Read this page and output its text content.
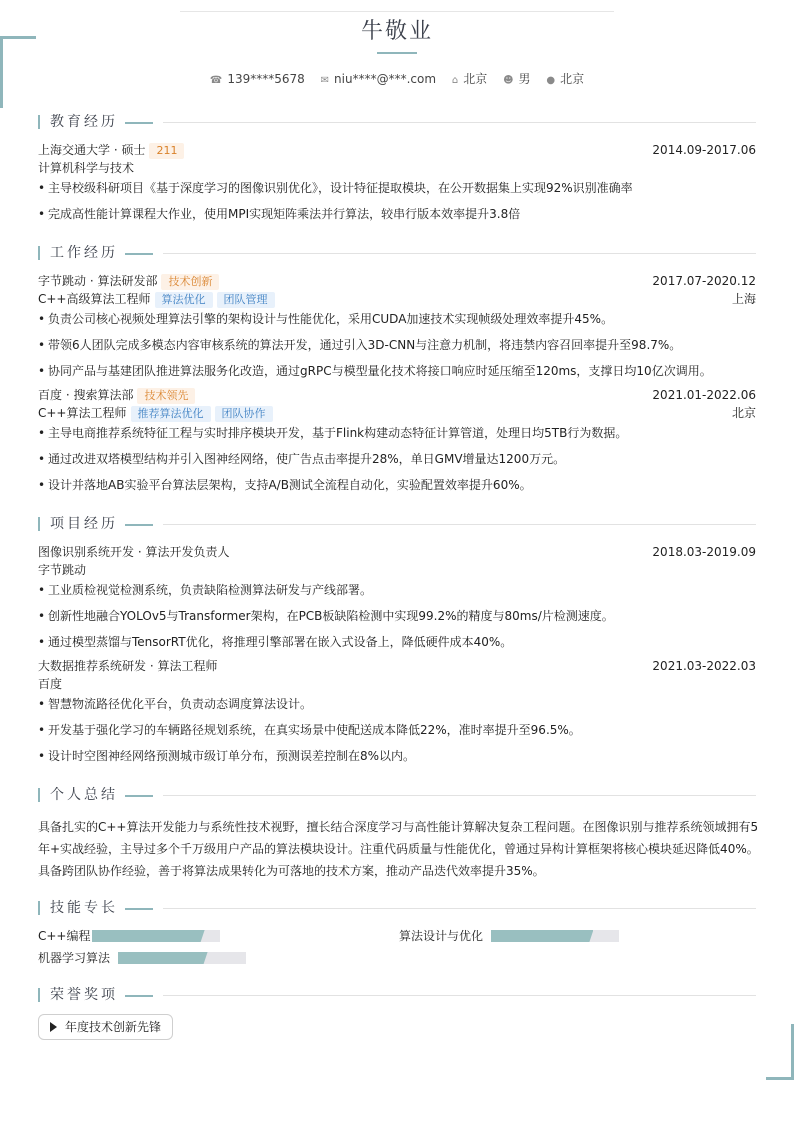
牛敬业
☎ 139****5678 ✉ niu****@***.com ⌂ 北京 ☻ 男 ● 北京
教育经历
上海交通大学 · 硕士 211	2014.09-2017.06
计算机科学与技术
主导校级科研项目《基于深度学习的图像识别优化》，设计特征提取模块，在公开数据集上实现92%识别准确率
完成高性能计算课程大作业，使用MPI实现矩阵乘法并行算法，较串行版本效率提升3.8倍
工作经历
字节跳动 · 算法研发部 技术创新	2017.07-2020.12
C++高级算法工程师 算法优化 团队管理	上海
负责公司核心视频处理算法引擎的架构设计与性能优化，采用CUDA加速技术实现帧级处理效率提升45%。
带领6人团队完成多模态内容审核系统的算法开发，通过引入3D-CNN与注意力机制，将违禁内容召回率提升至98.7%。
协同产品与基建团队推进算法服务化改造，通过gRPC与模型量化技术将接口响应时延压缩至120ms，支撑日均10亿次调用。
百度 · 搜索算法部 技术领先	2021.01-2022.06
C++算法工程师 推荐算法优化 团队协作	北京
主导电商推荐系统特征工程与实时排序模块开发，基于Flink构建动态特征计算管道，处理日均5TB行为数据。
通过改进双塔模型结构并引入图神经网络，使广告点击率提升28%，单日GMV增量达1200万元。
设计并落地AB实验平台算法层架构，支持A/B测试全流程自动化，实验配置效率提升60%。
项目经历
图像识别系统开发 · 算法开发负责人	2018.03-2019.09
字节跳动
工业质检视觉检测系统，负责缺陷检测算法研发与产线部署。
创新性地融合YOLOv5与Transformer架构，在PCB板缺陷检测中实现99.2%的精度与80ms/片检测速度。
通过模型蒸馏与TensorRT优化，将推理引擎部署在嵌入式设备上，降低硬件成本40%。
大数据推荐系统研发 · 算法工程师	2021.03-2022.03
百度
智慧物流路径优化平台，负责动态调度算法设计。
开发基于强化学习的车辆路径规划系统，在真实场景中使配送成本降低22%，准时率提升至96.5%。
设计时空图神经网络预测城市级订单分布，预测误差控制在8%以内。
个人总结
具备扎实的C++算法开发能力与系统性技术视野，擅长结合深度学习与高性能计算解决复杂工程问题。在图像识别与推荐系统领域拥有5
年+实战经验，主导过多个千万级用户产品的算法模块设计。注重代码质量与性能优化，曾通过异构计算框架将核心模块延迟降低40%。
具备跨团队协作经验，善于将算法成果转化为可落地的技术方案，推动产品迭代效率提升35%。
技能专长
C++编程	算法设计与优化
机器学习算法
荣誉奖项
年度技术创新先锋
